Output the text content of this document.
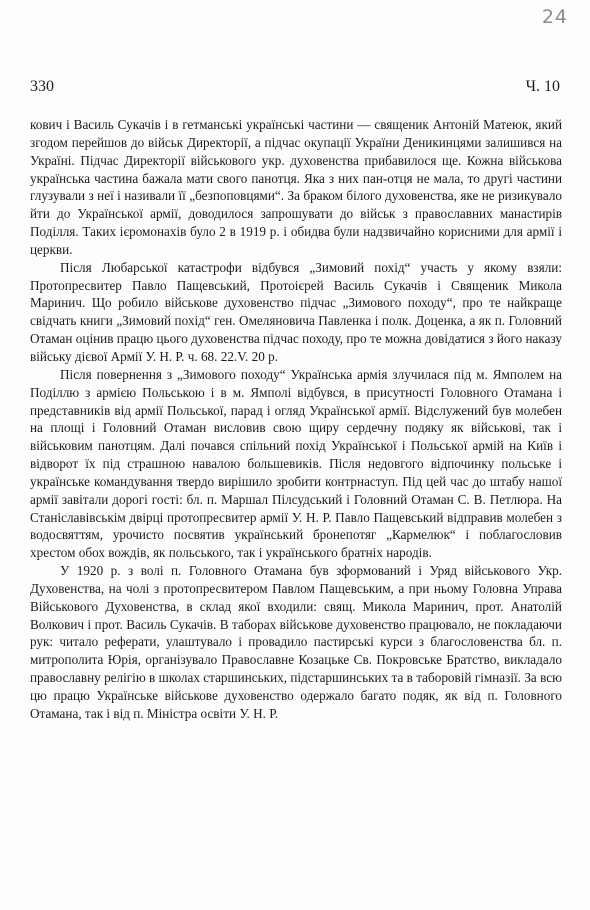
24
330	Ч. 10

кович і Василь Сукачів і в гетманські українські частини — священик Антоній Матеюк, який згодом перейшов до військ Директорії, а підчас окупації України Деникинцями залишився на Україні. Підчас Директорії військового укр. духовенства прибавилося ще. Кожна військова українська частина бажала мати свого панотця. Яка з них пан-отця не мала, то другі частини глузували з неї і називали її „безпоповцями“. За браком білого духовенства, яке не ризикувало йти до Української армії, доводилося запрошувати до військ з православних манастирів Поділля. Таких ієромонахів було 2 в 1919 р. і обидва були надзвичайно корисними для армії і церкви.

Після Любарської катастрофи відбувся „Зимовий похід“ участь у якому взяли: Протопресвитер Павло Пащевський, Протоієрей Василь Сукачів і Священик Микола Маринич. Що робило військове духовенство підчас „Зимового походу“, про те найкраще свідчать книги „Зимовий похід“ ген. Омеляновича Павленка і полк. Доценка, а як п. Головний Отаман оцінив працю цього духовенства підчас походу, про те можна довідатися з його наказу війську дієвої Армії У. Н. Р. ч. 68. 22.V. 20 р.

Після повернення з „Зимового походу“ Українська армія злучилася під м. Ямполем на Поділлю з армією Польською і в м. Ямполі відбувся, в присутності Головного Отамана і представників від армії Польської, парад і огляд Української армії. Відслужений був молебен на площі і Головний Отаман висловив свою щиру сердечну подяку як військові, так і військовим панотцям. Далі почався спільний похід Української і Польської армій на Київ і відворот їх під страшною навалою большевиків. Після недовгого відпочинку польське і українське командування твердо вирішило зробити контрнаступ. Під цей час до штабу нашої армії завітали дорогі гості: бл. п. Маршал Пілсудський і Головний Отаман С. В. Петлюра. На Станіславівськім двірці протопресвитер армії У. Н. Р. Павло Пащевський відправив молебен з водосвяттям, урочисто посвятив український бронепотяг „Кармелюк“ і поблагословив хрестом обох вождів, як польського, так і українського братніх народів.

У 1920 р. з волі п. Головного Отамана був зформований і Уряд військового Укр. Духовенства, на чолі з протопресвитером Павлом Пащевським, а при ньому Головна Управа Військового Духовенства, в склад якої входили: свящ. Микола Маринич, прот. Анатолій Волкович і прот. Василь Сукачів. В таборах військове духовенство працювало, не покладаючи рук: читало реферати, улаштувало і провадило пастирські курси з благословенства бл. п. митрополита Юрія, організувало Православне Козацьке Св. Покровське Братство, викладало православну релігію в школах старшинських, підстаршинських та в таборовій гімназії. За всю цю працю Українське військове духовенство одержало багато подяк, як від п. Головного Отамана, так і від п. Міністра освіти У. Н. Р.
